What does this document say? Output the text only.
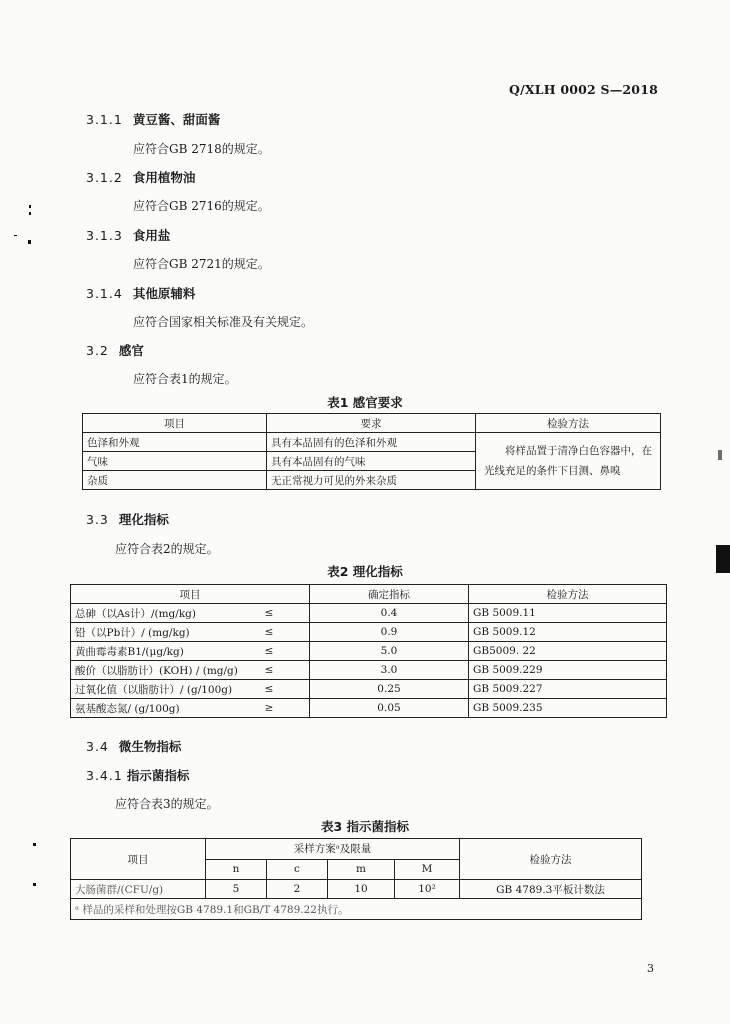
Q/XLH 0002 S—2018
3.1.1 黄豆酱、甜面酱
应符合GB 2718的规定。
3.1.2 食用植物油
应符合GB 2716的规定。
3.1.3 食用盐
应符合GB 2721的规定。
3.1.4 其他原辅料
应符合国家相关标准及有关规定。
3.2 感官
应符合表1的规定。
表1 感官要求
项目	要求	检验方法
色泽和外观	具有本品固有的色泽和外观	将样品置于清净白色容器中，在光线充足的条件下目测、鼻嗅
气味	具有本品固有的气味	
杂质	无正常视力可见的外来杂质	
3.3 理化指标
应符合表2的规定。
表2 理化指标
项目		确定指标	检验方法
总砷（以As计）/(mg/kg)	≤	0.4	GB 5009.11
铅（以Pb计）/ (mg/kg)	≤	0.9	GB 5009.12
黄曲霉毒素B1/(μg/kg)	≤	5.0	GB5009. 22
酸价（以脂肪计）(KOH) / (mg/g)	≤	3.0	GB 5009.229
过氧化值（以脂肪计）/ (g/100g)	≤	0.25	GB 5009.227
氨基酸态氮/ (g/100g)	≥	0.05	GB 5009.235
3.4 微生物指标
3.4.1 指示菌指标
应符合表3的规定。
表3 指示菌指标
项目	采样方案ᵃ及限量				检验方法
	n	c	m	M	
大肠菌群/(CFU/g)	5	2	10	10²	GB 4789.3平板计数法
ᵃ 样品的采样和处理按GB 4789.1和GB/T 4789.22执行。					
3
